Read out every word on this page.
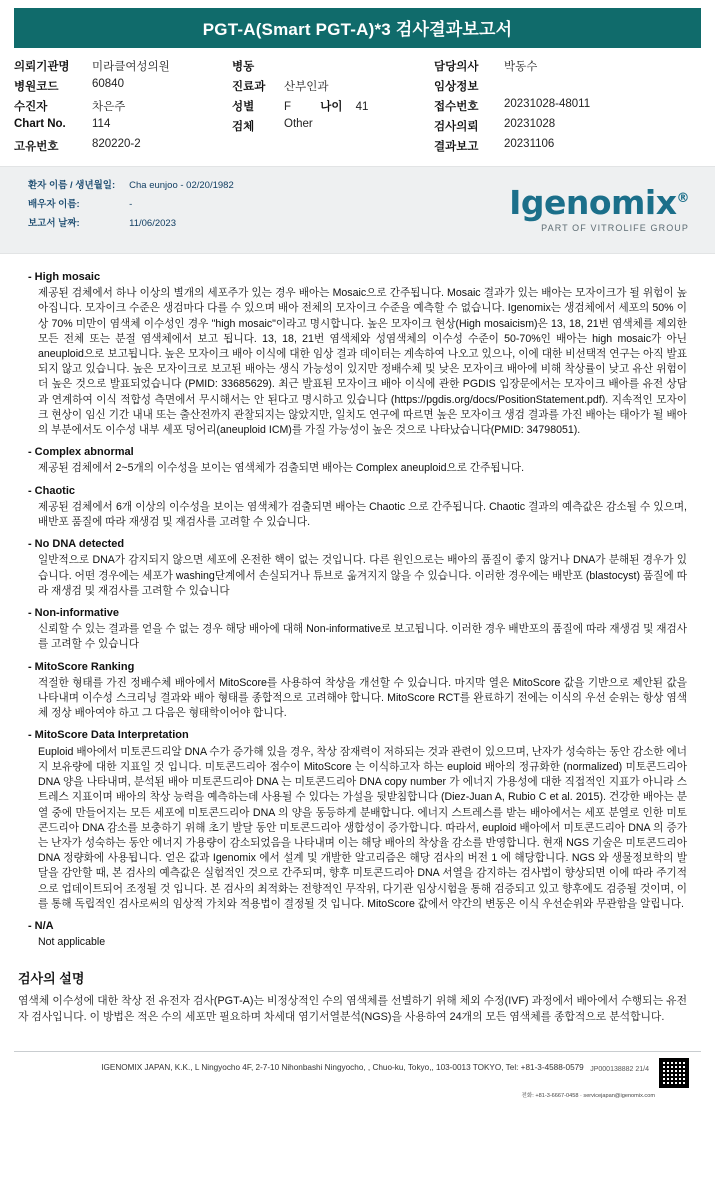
PGT-A(Smart PGT-A)*3 검사결과보고서
의뢰기관명	미라클여성의원	병동	담당의사	박동수
병원코드	60840	진료과	산부인과	임상정보
수진자	차은주	성별	F	나이 41	접수번호	20231028-48011
Chart No.	114	검체	Other	검사의뢰	20231028
고유번호	820220-2	결과보고	20231106
환자 이름 / 생년월일:	Cha eunjoo - 02/20/1982
배우자 이름:	-
보고서 날짜:	11/06/2023
Igenomix®
PART OF VITROLIFE GROUP
- High mosaic
제공된 검체에서 하나 이상의 별개의 세포주가 있는 경우 배아는 Mosaic으로 간주됩니다. Mosaic 결과가 있는 배아는 모자이크가 될 위험이 높아집니다. 모자이크 수준은 생검마다 다를 수 있으며 배아 전체의 모자이크 수준을 예측할 수 없습니다. Igenomix는 생검체에서 세포의 50% 이상 70% 미만이 염색체 이수성인 경우 "high mosaic"이라고 명시합니다. 높은 모자이크 현상(High mosaicism)은 13, 18, 21번 염색체를 제외한 모든 전체 또는 분절 염색체에서 보고 됩니다. 13, 18, 21번 염색체와 성염색체의 이수성 수준이 50-70%인 배아는 high mosaic가 아닌 aneuploid으로 보고됩니다. 높은 모자이크 배아 이식에 대한 임상 결과 데이터는 계속하여 나오고 있으나, 이에 대한 비선택적 연구는 아직 발표되지 않고 있습니다. 높은 모자이크로 보고된 배아는 생식 가능성이 있지만 정배수체 및 낮은 모자이크 배아에 비해 착상률이 낮고 유산 위험이 더 높은 것으로 발표되었습니다 (PMID: 33685629). 최근 발표된 모자이크 배아 이식에 관한 PGDIS 입장문에서는 모자이크 배아를 유전 상담과 연계하여 이식 적합성 측면에서 무시해서는 안 된다고 명시하고 있습니다 (https://pgdis.org/docs/PositionStatement.pdf). 지속적인 모자이크 현상이 임신 기간 내내 또는 출산전까지 관찰되지는 않았지만, 일치도 연구에 따르면 높은 모자이크 생검 결과를 가진 배아는 태아가 될 배아의 부분에서도 이수성 내부 세포 덩어리(aneuploid ICM)를 가질 가능성이 높은 것으로 나타났습니다(PMID: 34798051).
- Complex abnormal
제공된 검체에서 2~5개의 이수성을 보이는 염색체가 검출되면 배아는 Complex aneuploid으로 간주됩니다.
- Chaotic
제공된 검체에서 6개 이상의 이수성을 보이는 염색체가 검출되면 배아는 Chaotic 으로 간주됩니다. Chaotic 결과의 예측값은 감소될 수 있으며, 배반포 품질에 따라 재생검 및 재검사를 고려할 수 있습니다.
- No DNA detected
일반적으로 DNA가 감지되지 않으면 세포에 온전한 핵이 없는 것입니다. 다른 원인으로는 배아의 품질이 좋지 않거나 DNA가 분해된 경우가 있습니다. 어떤 경우에는 세포가 washing단계에서 손실되거나 튜브로 옮겨지지 않을 수 있습니다. 이러한 경우에는 배반포 (blastocyst) 품질에 따라 재생검 및 재검사를 고려할 수 있습니다
- Non-informative
신뢰할 수 있는 결과를 얻을 수 없는 경우 해당 배아에 대해 Non-informative로 보고됩니다. 이러한 경우 배반포의 품질에 따라 재생검 및 재검사를 고려할 수 있습니다
- MitoScore Ranking
적절한 형태를 가진 정배수체 배아에서 MitoScore를 사용하여 착상을 개선할 수 있습니다. 마지막 열은 MitoScore 값을 기반으로 제안된 값을 나타내며 이수성 스크리닝 결과와 배아 형태를 종합적으로 고려해야 합니다. MitoScore RCT를 완료하기 전에는 이식의 우선 순위는 항상 염색체 정상 배아여야 하고 그 다음은 형태학이어야 합니다.
- MitoScore Data Interpretation
Euploid 배아에서 미토콘드리알 DNA 수가 증가해 있을 경우, 착상 잠재력이 저하되는 것과 관련이 있으므며, 난자가 성숙하는 동안 감소한 에너지 보유량에 대한 지표일 것 입니다. 미토콘드리아 점수이 MitoScore 는 이식하고자 하는 euploid 배아의 정규화한 (normalized) 미토콘드리아 DNA 양을 나타내며, 분석된 배아 미토콘드리아 DNA 는 미토콘드리아 DNA copy number 가 에너지 가용성에 대한 직접적인 지표가 아니라 스트레스 지표이며 배아의 착상 능력을 예측하는데 사용될 수 있다는 가설을 뒷받침합니다 (Diez-Juan A, Rubio C et al. 2015). 건강한 배아는 분열 중에 만들어지는 모든 세포에 미토콘드리아 DNA 의 양을 동등하게 분배합니다. 에너지 스트레스를 받는 배아에서는 세포 분열로 인한 미토콘드리아 DNA 감소를 보충하기 위해 초기 발달 동안 미토콘드리아 생합성이 증가합니다. 따라서, euploid 배아에서 미토콘드리아 DNA 의 증가는 난자가 성숙하는 동안 에너지 가용량이 감소되었음을 나타내며 이는 해당 배아의 착상율 감소를 반영합니다. 현재 NGS 기술은 미토콘드리아 DNA 정량화에 사용됩니다. 얻은 값과 Igenomix 에서 설계 및 개발한 알고리즘은 해당 검사의 버전 1 에 해당합니다. NGS 와 생물정보학의 발달을 감안할 때, 본 검사의 예측값은 실험적인 것으로 간주되며, 향후 미토콘드리아 DNA 서열을 감지하는 검사법이 향상되면 이에 따라 주기적으로 업데이트되어 조정될 것 입니다. 본 검사의 최적화는 전향적인 무작위, 다기관 임상시험을 통해 검증되고 있고 향후에도 검증될 것이며, 이를 통해 독립적인 검사로써의 임상적 가치와 적용법이 결정될 것 입니다. MitoScore 값에서 약간의 변동은 이식 우선순위와 무관함을 알립니다.
- N/A
Not applicable
검사의 설명
염색체 이수성에 대한 착상 전 유전자 검사(PGT-A)는 비정상적인 수의 염색체를 선별하기 위해 체외 수정(IVF) 과정에서 배아에서 수행되는 유전자 검사입니다. 이 방법은 적은 수의 세포만 필요하며 차세대 염기서열분석(NGS)을 사용하여 24개의 모든 염색체를 종합적으로 분석합니다.
IGENOMIX JAPAN, K.K., L Ningyocho 4F, 2-7-10 Nihonbashi Ningyocho, , Chuo-ku, Tokyo,, 103-0013 TOKYO, Tel: +81-3-4588-0579 JP000138882 21/4
전화: +81-3-6667-0458 · servicejapan@igenomix.com
